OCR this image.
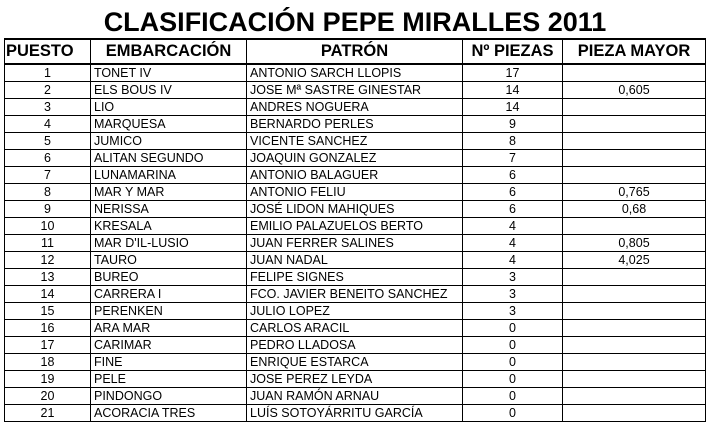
CLASIFICACIÓN PEPE MIRALLES 2011
PUESTO	EMBARCACIÓN	PATRÓN	Nº PIEZAS	PIEZA MAYOR
1	TONET IV	ANTONIO SARCH LLOPIS	17	
2	ELS BOUS IV	JOSE Mª SASTRE GINESTAR	14	0,605
3	LIO	ANDRES NOGUERA	14	
4	MARQUESA	BERNARDO PERLES	9	
5	JUMICO	VICENTE SANCHEZ	8	
6	ALITAN SEGUNDO	JOAQUIN GONZALEZ	7	
7	LUNAMARINA	ANTONIO BALAGUER	6	
8	MAR Y MAR	ANTONIO FELIU	6	0,765
9	NERISSA	JOSÉ LIDON MAHIQUES	6	0,68
10	KRESALA	EMILIO PALAZUELOS BERTO	4	
11	MAR D'IL-LUSIO	JUAN FERRER SALINES	4	0,805
12	TAURO	JUAN NADAL	4	4,025
13	BUREO	FELIPE SIGNES	3	
14	CARRERA I	FCO. JAVIER BENEITO SANCHEZ	3	
15	PERENKEN	JULIO LOPEZ	3	
16	ARA MAR	CARLOS ARACIL	0	
17	CARIMAR	PEDRO LLADOSA	0	
18	FINE	ENRIQUE ESTARCA	0	
19	PELE	JOSE PEREZ LEYDA	0	
20	PINDONGO	JUAN RAMÓN ARNAU	0	
21	ACORACIA TRES	LUÍS SOTOYÁRRITU GARCÍA	0	
